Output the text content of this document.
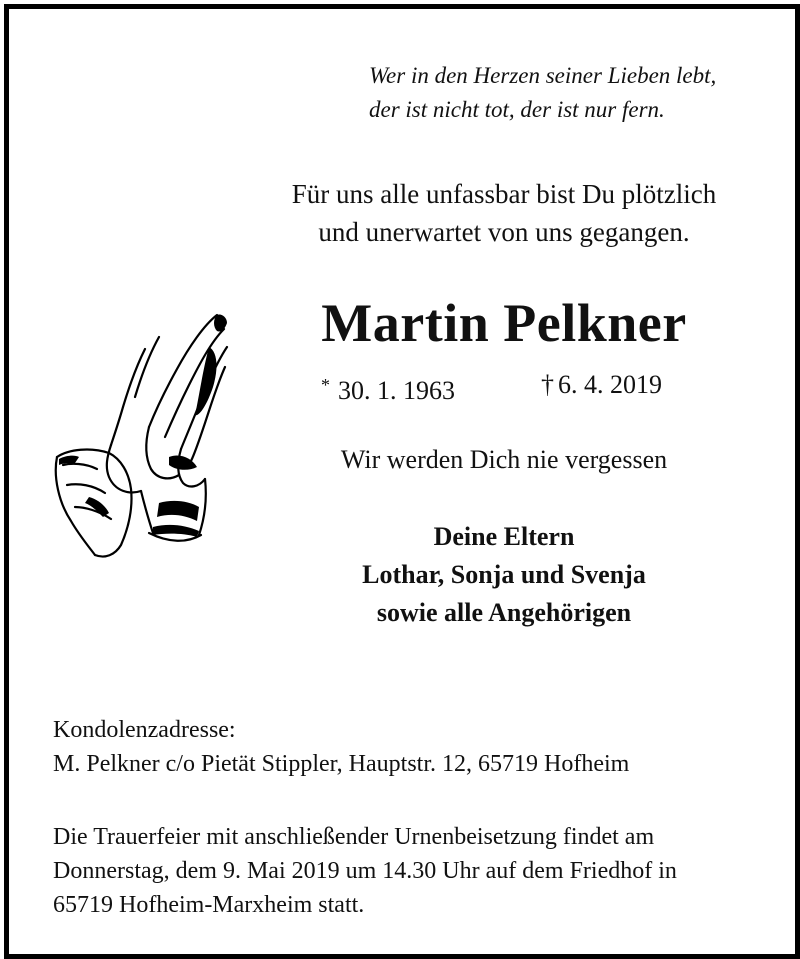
Wer in den Herzen seiner Lieben lebt,
der ist nicht tot, der ist nur fern.
Für uns alle unfassbar bist Du plötzlich
und unerwartet von uns gegangen.
Martin Pelkner
* 30. 1. 1963	† 6. 4. 2019
Wir werden Dich nie vergessen
Deine Eltern
Lothar, Sonja und Svenja
sowie alle Angehörigen
Kondolenzadresse:
M. Pelkner c/o Pietät Stippler, Hauptstr. 12, 65719 Hofheim
Die Trauerfeier mit anschließender Urnenbeisetzung findet am
Donnerstag, dem 9. Mai 2019 um 14.30 Uhr auf dem Friedhof in
65719 Hofheim-Marxheim statt.
